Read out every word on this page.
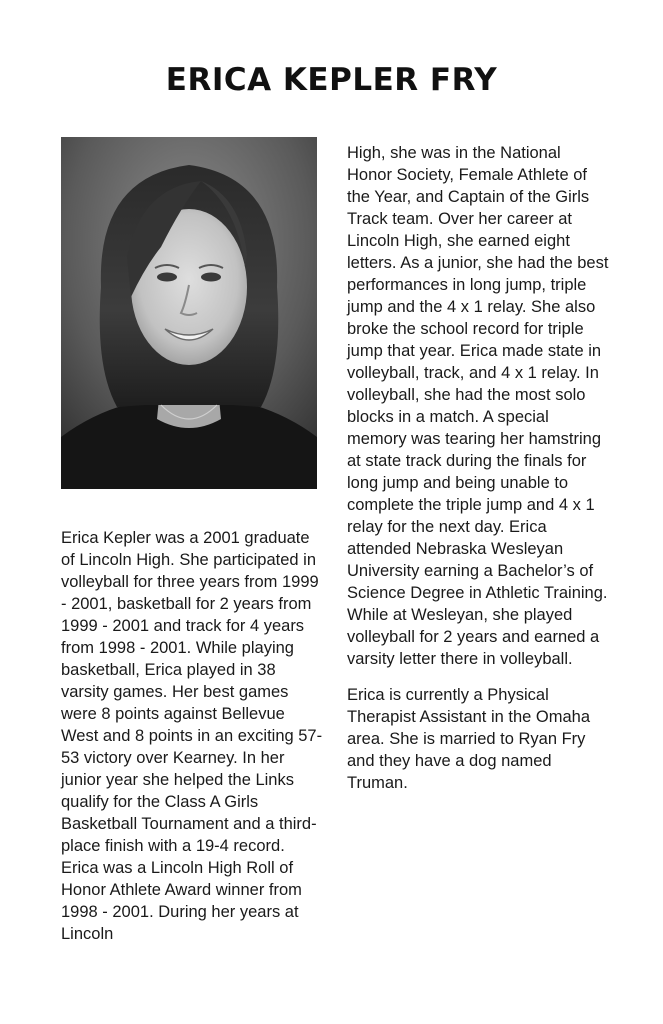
ERICA KEPLER FRY

Erica Kepler was a 2001 graduate of Lincoln High. She participated in volleyball for three years from 1999 - 2001, basketball for 2 years from 1999 - 2001 and track for 4 years from 1998 - 2001. While playing basketball, Erica played in 38 varsity games. Her best games were 8 points against Bellevue West and 8 points in an exciting 57-53 victory over Kearney. In her junior year she helped the Links qualify for the Class A Girls Basketball Tournament and a third-place finish with a 19-4 record. Erica was a Lincoln High Roll of Honor Athlete Award winner from 1998 - 2001. During her years at Lincoln

High, she was in the National Honor Society, Female Athlete of the Year, and Captain of the Girls Track team. Over her career at Lincoln High, she earned eight letters. As a junior, she had the best performances in long jump, triple jump and the 4 x 1 relay. She also broke the school record for triple jump that year. Erica made state in volleyball, track, and 4 x 1 relay. In volleyball, she had the most solo blocks in a match. A special memory was tearing her hamstring at state track during the finals for long jump and being unable to complete the triple jump and 4 x 1 relay for the next day. Erica attended Nebraska Wesleyan University earning a Bachelor’s of Science Degree in Athletic Training. While at Wesleyan, she played volleyball for 2 years and earned a varsity letter there in volleyball.

Erica is currently a Physical Therapist Assistant in the Omaha area. She is married to Ryan Fry and they have a dog named Truman.
